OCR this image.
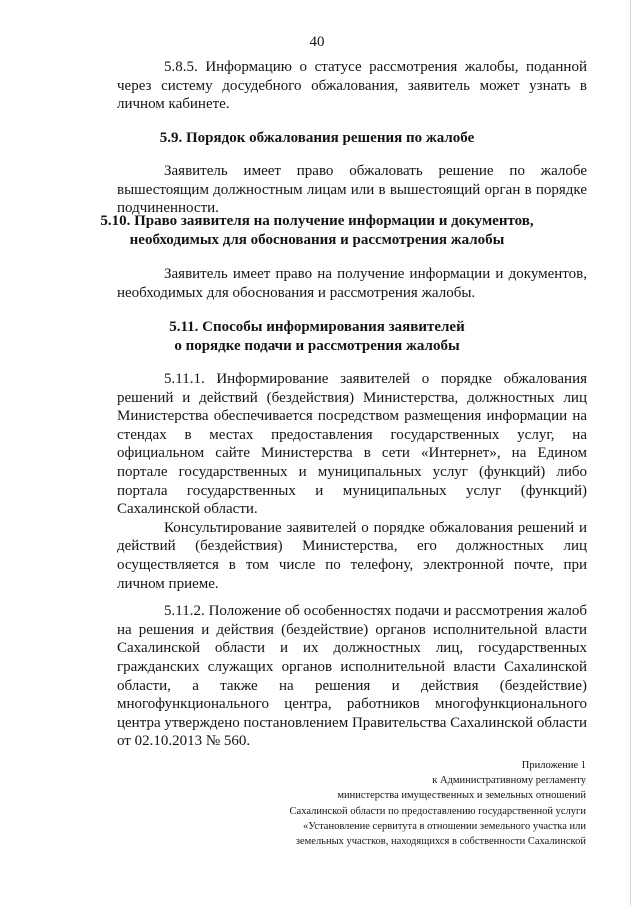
40

5.8.5. Информацию о статусе рассмотрения жалобы, поданной через систему досудебного обжалования, заявитель может узнать в личном кабинете.

5.9. Порядок обжалования решения по жалобе

Заявитель имеет право обжаловать решение по жалобе вышестоящим должностным лицам или в вышестоящий орган в порядке подчиненности.

5.10. Право заявителя на получение информации и документов,
необходимых для обоснования и рассмотрения жалобы

Заявитель имеет право на получение информации и документов, необходимых для обоснования и рассмотрения жалобы.

5.11. Способы информирования заявителей
о порядке подачи и рассмотрения жалобы

5.11.1. Информирование заявителей о порядке обжалования решений и действий (бездействия) Министерства, должностных лиц Министерства обеспечивается посредством размещения информации на стендах в местах предоставления государственных услуг, на официальном сайте Министерства в сети «Интернет», на Едином портале государственных и муниципальных услуг (функций) либо портала государственных и муниципальных услуг (функций) Сахалинской области.

Консультирование заявителей о порядке обжалования решений и действий (бездействия) Министерства, его должностных лиц осуществляется в том числе по телефону, электронной почте, при личном приеме.

5.11.2. Положение об особенностях подачи и рассмотрения жалоб на решения и действия (бездействие) органов исполнительной власти Сахалинской области и их должностных лиц, государственных гражданских служащих органов исполнительной власти Сахалинской области, а также на решения и действия (бездействие) многофункционального центра, работников многофункционального центра утверждено постановлением Правительства Сахалинской области от 02.10.2013 № 560.

Приложение 1
к Административному регламенту
министерства имущественных и земельных отношений
Сахалинской области по предоставлению государственной услуги
«Установление сервитута в отношении земельного участка или
земельных участков, находящихся в собственности Сахалинской
